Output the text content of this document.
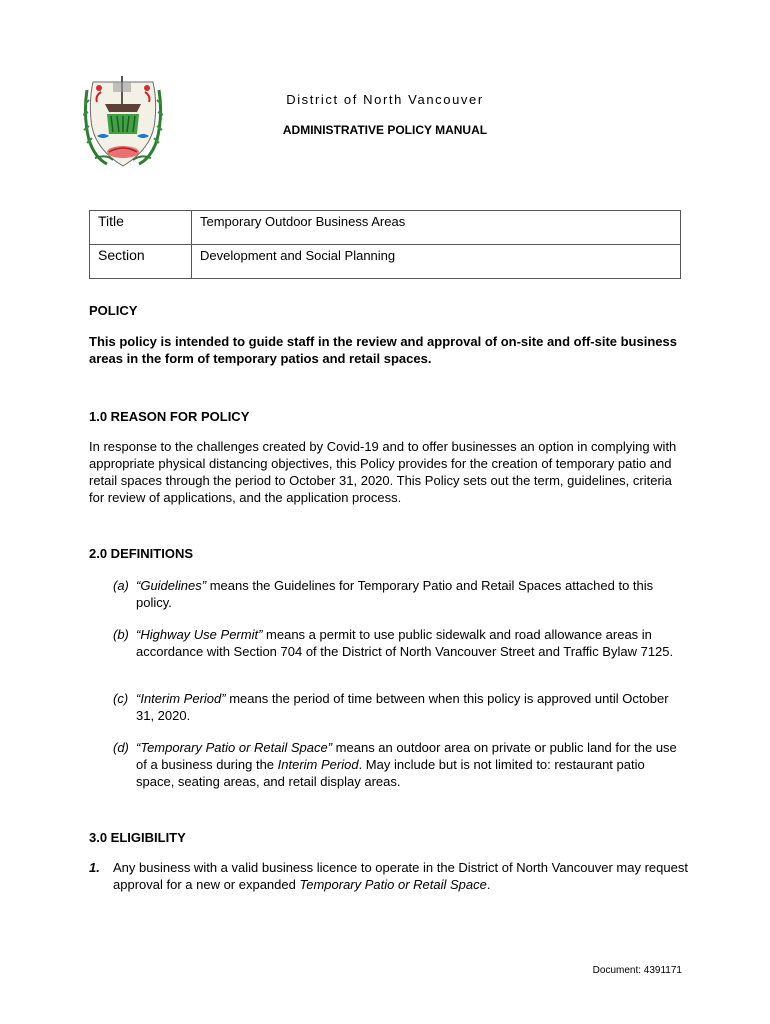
District of North Vancouver
ADMINISTRATIVE POLICY MANUAL
Title	Temporary Outdoor Business Areas
Section	Development and Social Planning
POLICY
This policy is intended to guide staff in the review and approval of on-site and off-site business areas in the form of temporary patios and retail spaces.
1.0 REASON FOR POLICY
In response to the challenges created by Covid-19 and to offer businesses an option in complying with appropriate physical distancing objectives, this Policy provides for the creation of temporary patio and retail spaces through the period to October 31, 2020. This Policy sets out the term, guidelines, criteria for review of applications, and the application process.
2.0 DEFINITIONS
(a) “Guidelines” means the Guidelines for Temporary Patio and Retail Spaces attached to this policy.
(b) “Highway Use Permit” means a permit to use public sidewalk and road allowance areas in accordance with Section 704 of the District of North Vancouver Street and Traffic Bylaw 7125.
(c) “Interim Period” means the period of time between when this policy is approved until October 31, 2020.
(d) “Temporary Patio or Retail Space” means an outdoor area on private or public land for the use of a business during the Interim Period. May include but is not limited to: restaurant patio space, seating areas, and retail display areas.
3.0 ELIGIBILITY
1. Any business with a valid business licence to operate in the District of North Vancouver may request approval for a new or expanded Temporary Patio or Retail Space.
Document: 4391171
